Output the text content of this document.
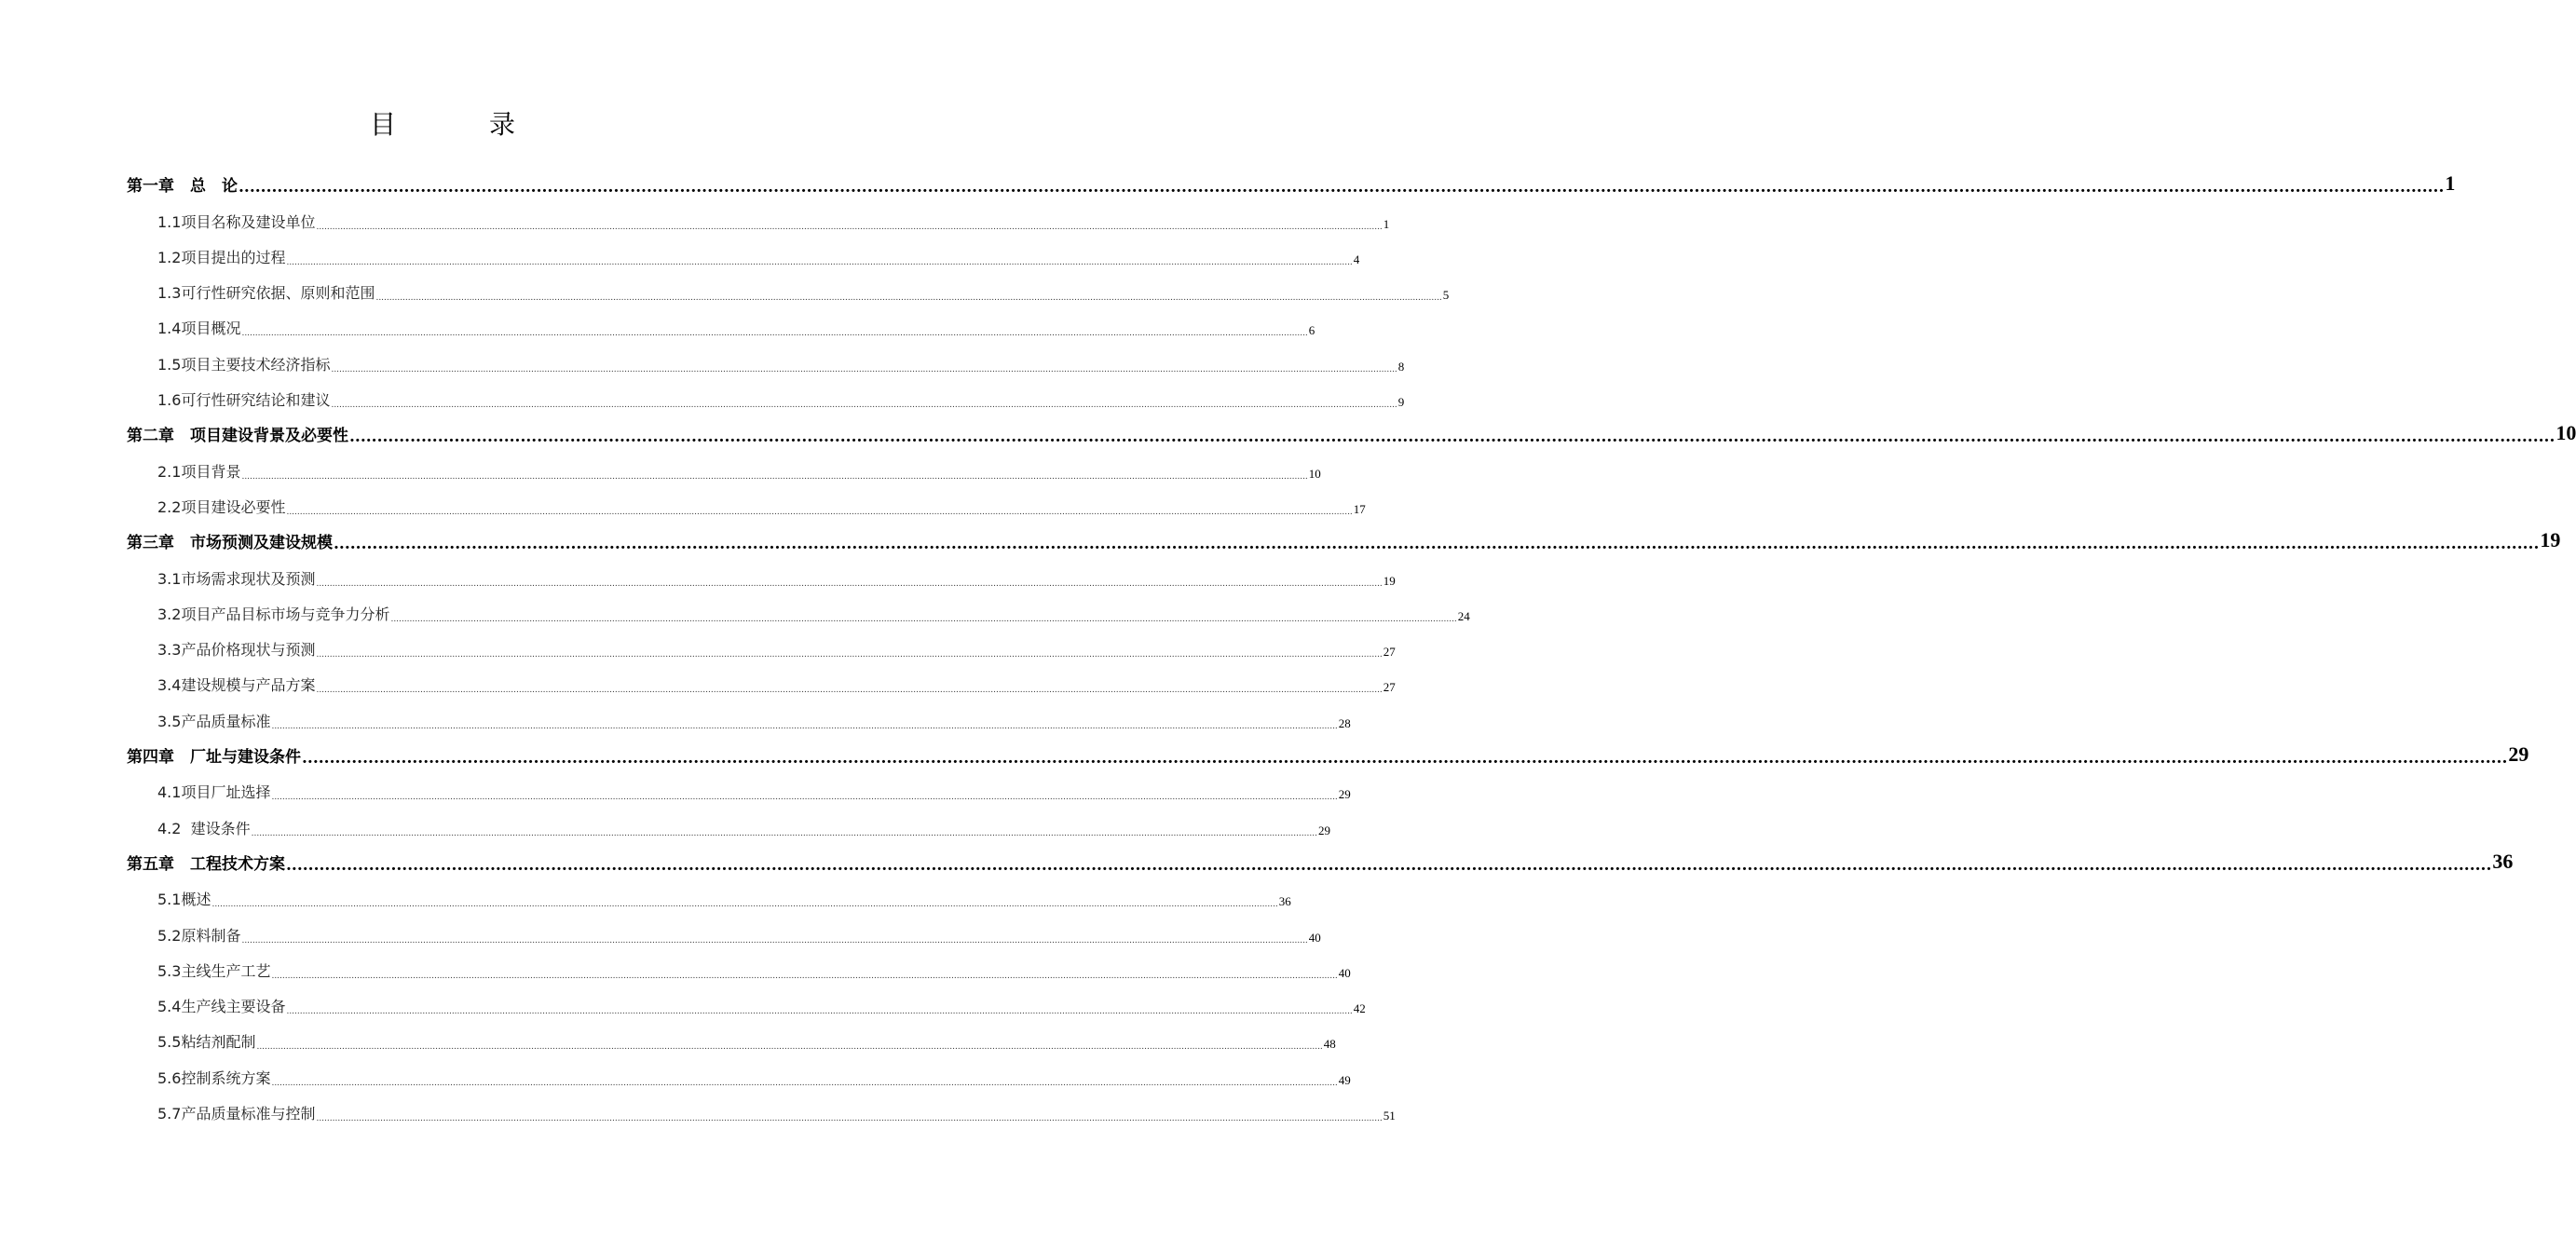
目　录
第一章　总　论 ................................................................................................................................................................................................................................................................................................................................................................................................................ 1
1.1项目名称及建设单位 ................................................................................................................................................................................................................................................................................................................................................................................................................ 1
1.2项目提出的过程 ................................................................................................................................................................................................................................................................................................................................................................................................................ 4
1.3可行性研究依据、原则和范围 ................................................................................................................................................................................................................................................................................................................................................................................................................ 5
1.4项目概况 ................................................................................................................................................................................................................................................................................................................................................................................................................ 6
1.5项目主要技术经济指标 ................................................................................................................................................................................................................................................................................................................................................................................................................ 8
1.6可行性研究结论和建议 ................................................................................................................................................................................................................................................................................................................................................................................................................ 9
第二章　项目建设背景及必要性 ................................................................................................................................................................................................................................................................................................................................................................................................................ 10
2.1项目背景 ................................................................................................................................................................................................................................................................................................................................................................................................................ 10
2.2项目建设必要性 ................................................................................................................................................................................................................................................................................................................................................................................................................ 17
第三章　市场预测及建设规模 ................................................................................................................................................................................................................................................................................................................................................................................................................ 19
3.1市场需求现状及预测 ................................................................................................................................................................................................................................................................................................................................................................................................................ 19
3.2项目产品目标市场与竞争力分析 ................................................................................................................................................................................................................................................................................................................................................................................................................ 24
3.3产品价格现状与预测 ................................................................................................................................................................................................................................................................................................................................................................................................................ 27
3.4建设规模与产品方案 ................................................................................................................................................................................................................................................................................................................................................................................................................ 27
3.5产品质量标准 ................................................................................................................................................................................................................................................................................................................................................................................................................ 28
第四章　厂址与建设条件 ................................................................................................................................................................................................................................................................................................................................................................................................................ 29
4.1项目厂址选择 ................................................................................................................................................................................................................................................................................................................................................................................................................ 29
4.2  建设条件 ................................................................................................................................................................................................................................................................................................................................................................................................................ 29
第五章　工程技术方案 ................................................................................................................................................................................................................................................................................................................................................................................................................ 36
5.1概述 ................................................................................................................................................................................................................................................................................................................................................................................................................ 36
5.2原料制备 ................................................................................................................................................................................................................................................................................................................................................................................................................ 40
5.3主线生产工艺 ................................................................................................................................................................................................................................................................................................................................................................................................................ 40
5.4生产线主要设备 ................................................................................................................................................................................................................................................................................................................................................................................................................ 42
5.5粘结剂配制 ................................................................................................................................................................................................................................................................................................................................................................................................................ 48
5.6控制系统方案 ................................................................................................................................................................................................................................................................................................................................................................................................................ 49
5.7产品质量标准与控制 ................................................................................................................................................................................................................................................................................................................................................................................................................ 51
